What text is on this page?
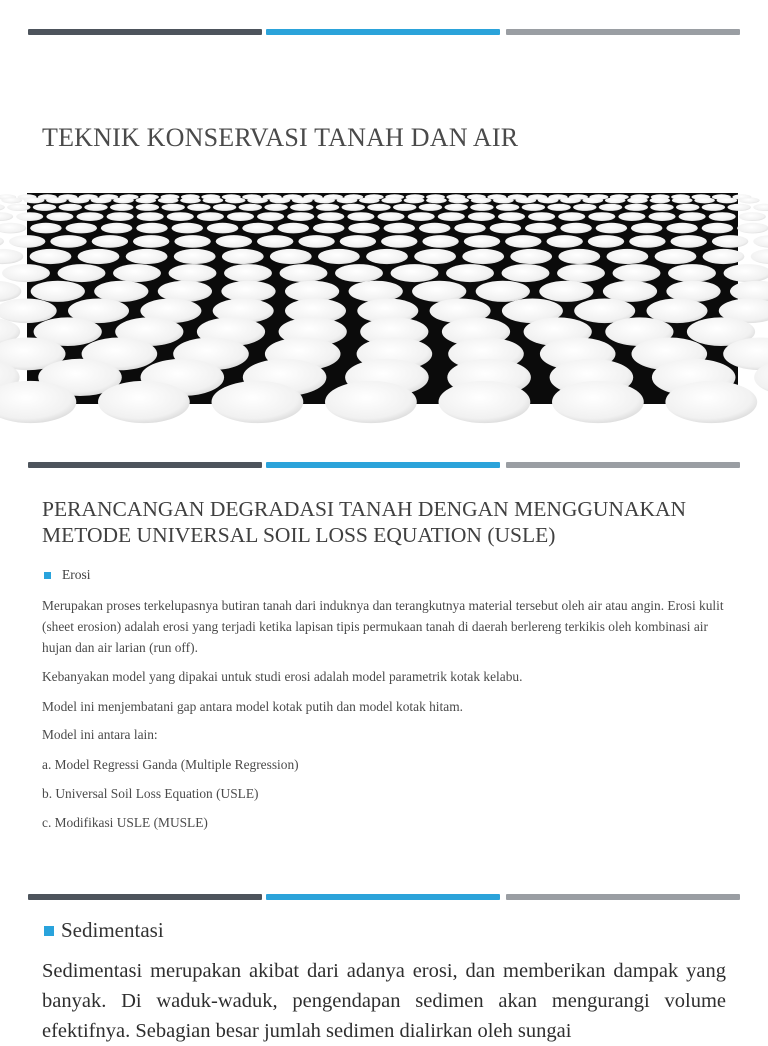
TEKNIK KONSERVASI TANAH DAN AIR
PERANCANGAN DEGRADASI TANAH DENGAN MENGGUNAKAN METODE UNIVERSAL SOIL LOSS EQUATION (USLE)
Erosi
Merupakan proses terkelupasnya butiran tanah dari induknya dan terangkutnya material tersebut oleh air atau angin. Erosi kulit (sheet erosion) adalah erosi yang terjadi ketika lapisan tipis permukaan tanah di daerah berlereng terkikis oleh kombinasi air hujan dan air larian (run off).
Kebanyakan model yang dipakai untuk studi erosi adalah model parametrik kotak kelabu.
Model ini menjembatani gap antara model kotak putih dan model kotak hitam.
Model ini antara lain:
a. Model Regressi Ganda (Multiple Regression)
b. Universal Soil Loss Equation (USLE)
c. Modifikasi USLE (MUSLE)
Sedimentasi
Sedimentasi merupakan akibat dari adanya erosi, dan memberikan dampak yang banyak. Di waduk-waduk, pengendapan sedimen akan mengurangi volume efektifnya. Sebagian besar jumlah sedimen dialirkan oleh sungai
